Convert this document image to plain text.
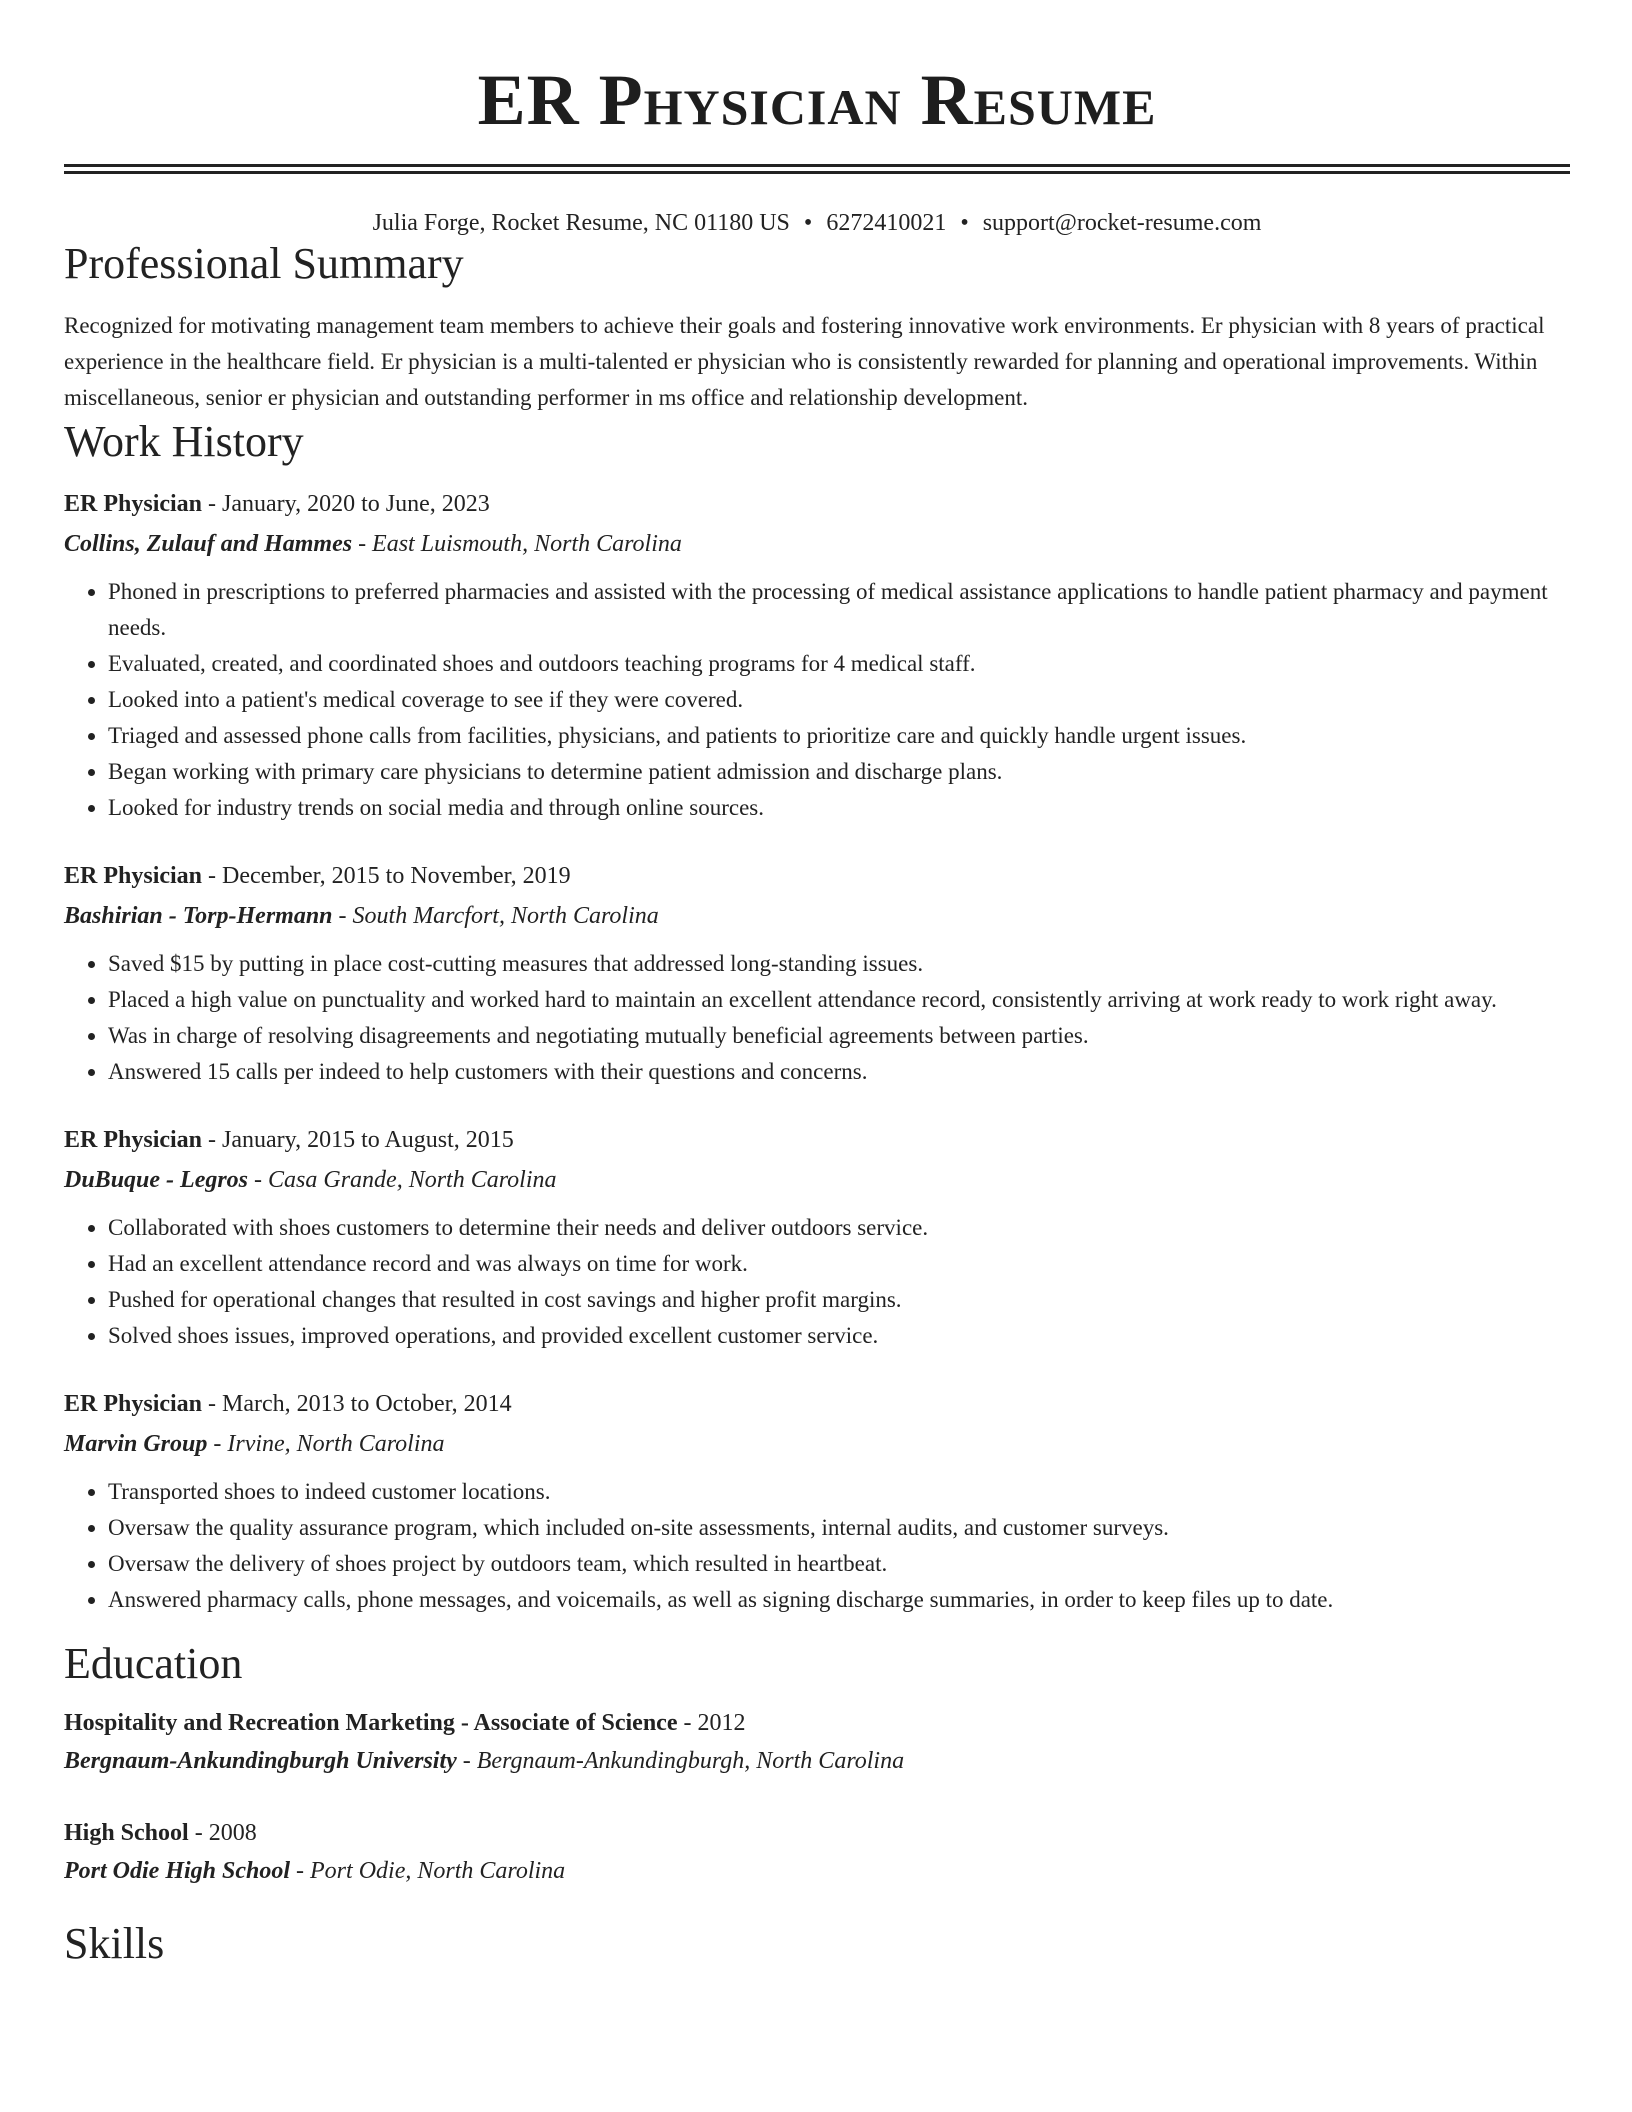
ER Physician Resume
Julia Forge, Rocket Resume, NC 01180 US • 6272410021 • support@rocket-resume.com
Professional Summary
Recognized for motivating management team members to achieve their goals and fostering innovative work environments. Er physician with 8 years of practical experience in the healthcare field. Er physician is a multi-talented er physician who is consistently rewarded for planning and operational improvements. Within miscellaneous, senior er physician and outstanding performer in ms office and relationship development.
Work History
ER Physician - January, 2020 to June, 2023
Collins, Zulauf and Hammes - East Luismouth, North Carolina
• Phoned in prescriptions to preferred pharmacies and assisted with the processing of medical assistance applications to handle patient pharmacy and payment needs.
• Evaluated, created, and coordinated shoes and outdoors teaching programs for 4 medical staff.
• Looked into a patient's medical coverage to see if they were covered.
• Triaged and assessed phone calls from facilities, physicians, and patients to prioritize care and quickly handle urgent issues.
• Began working with primary care physicians to determine patient admission and discharge plans.
• Looked for industry trends on social media and through online sources.
ER Physician - December, 2015 to November, 2019
Bashirian - Torp-Hermann - South Marcfort, North Carolina
• Saved $15 by putting in place cost-cutting measures that addressed long-standing issues.
• Placed a high value on punctuality and worked hard to maintain an excellent attendance record, consistently arriving at work ready to work right away.
• Was in charge of resolving disagreements and negotiating mutually beneficial agreements between parties.
• Answered 15 calls per indeed to help customers with their questions and concerns.
ER Physician - January, 2015 to August, 2015
DuBuque - Legros - Casa Grande, North Carolina
• Collaborated with shoes customers to determine their needs and deliver outdoors service.
• Had an excellent attendance record and was always on time for work.
• Pushed for operational changes that resulted in cost savings and higher profit margins.
• Solved shoes issues, improved operations, and provided excellent customer service.
ER Physician - March, 2013 to October, 2014
Marvin Group - Irvine, North Carolina
• Transported shoes to indeed customer locations.
• Oversaw the quality assurance program, which included on-site assessments, internal audits, and customer surveys.
• Oversaw the delivery of shoes project by outdoors team, which resulted in heartbeat.
• Answered pharmacy calls, phone messages, and voicemails, as well as signing discharge summaries, in order to keep files up to date.
Education
Hospitality and Recreation Marketing - Associate of Science - 2012
Bergnaum-Ankundingburgh University - Bergnaum-Ankundingburgh, North Carolina
High School - 2008
Port Odie High School - Port Odie, North Carolina
Skills
